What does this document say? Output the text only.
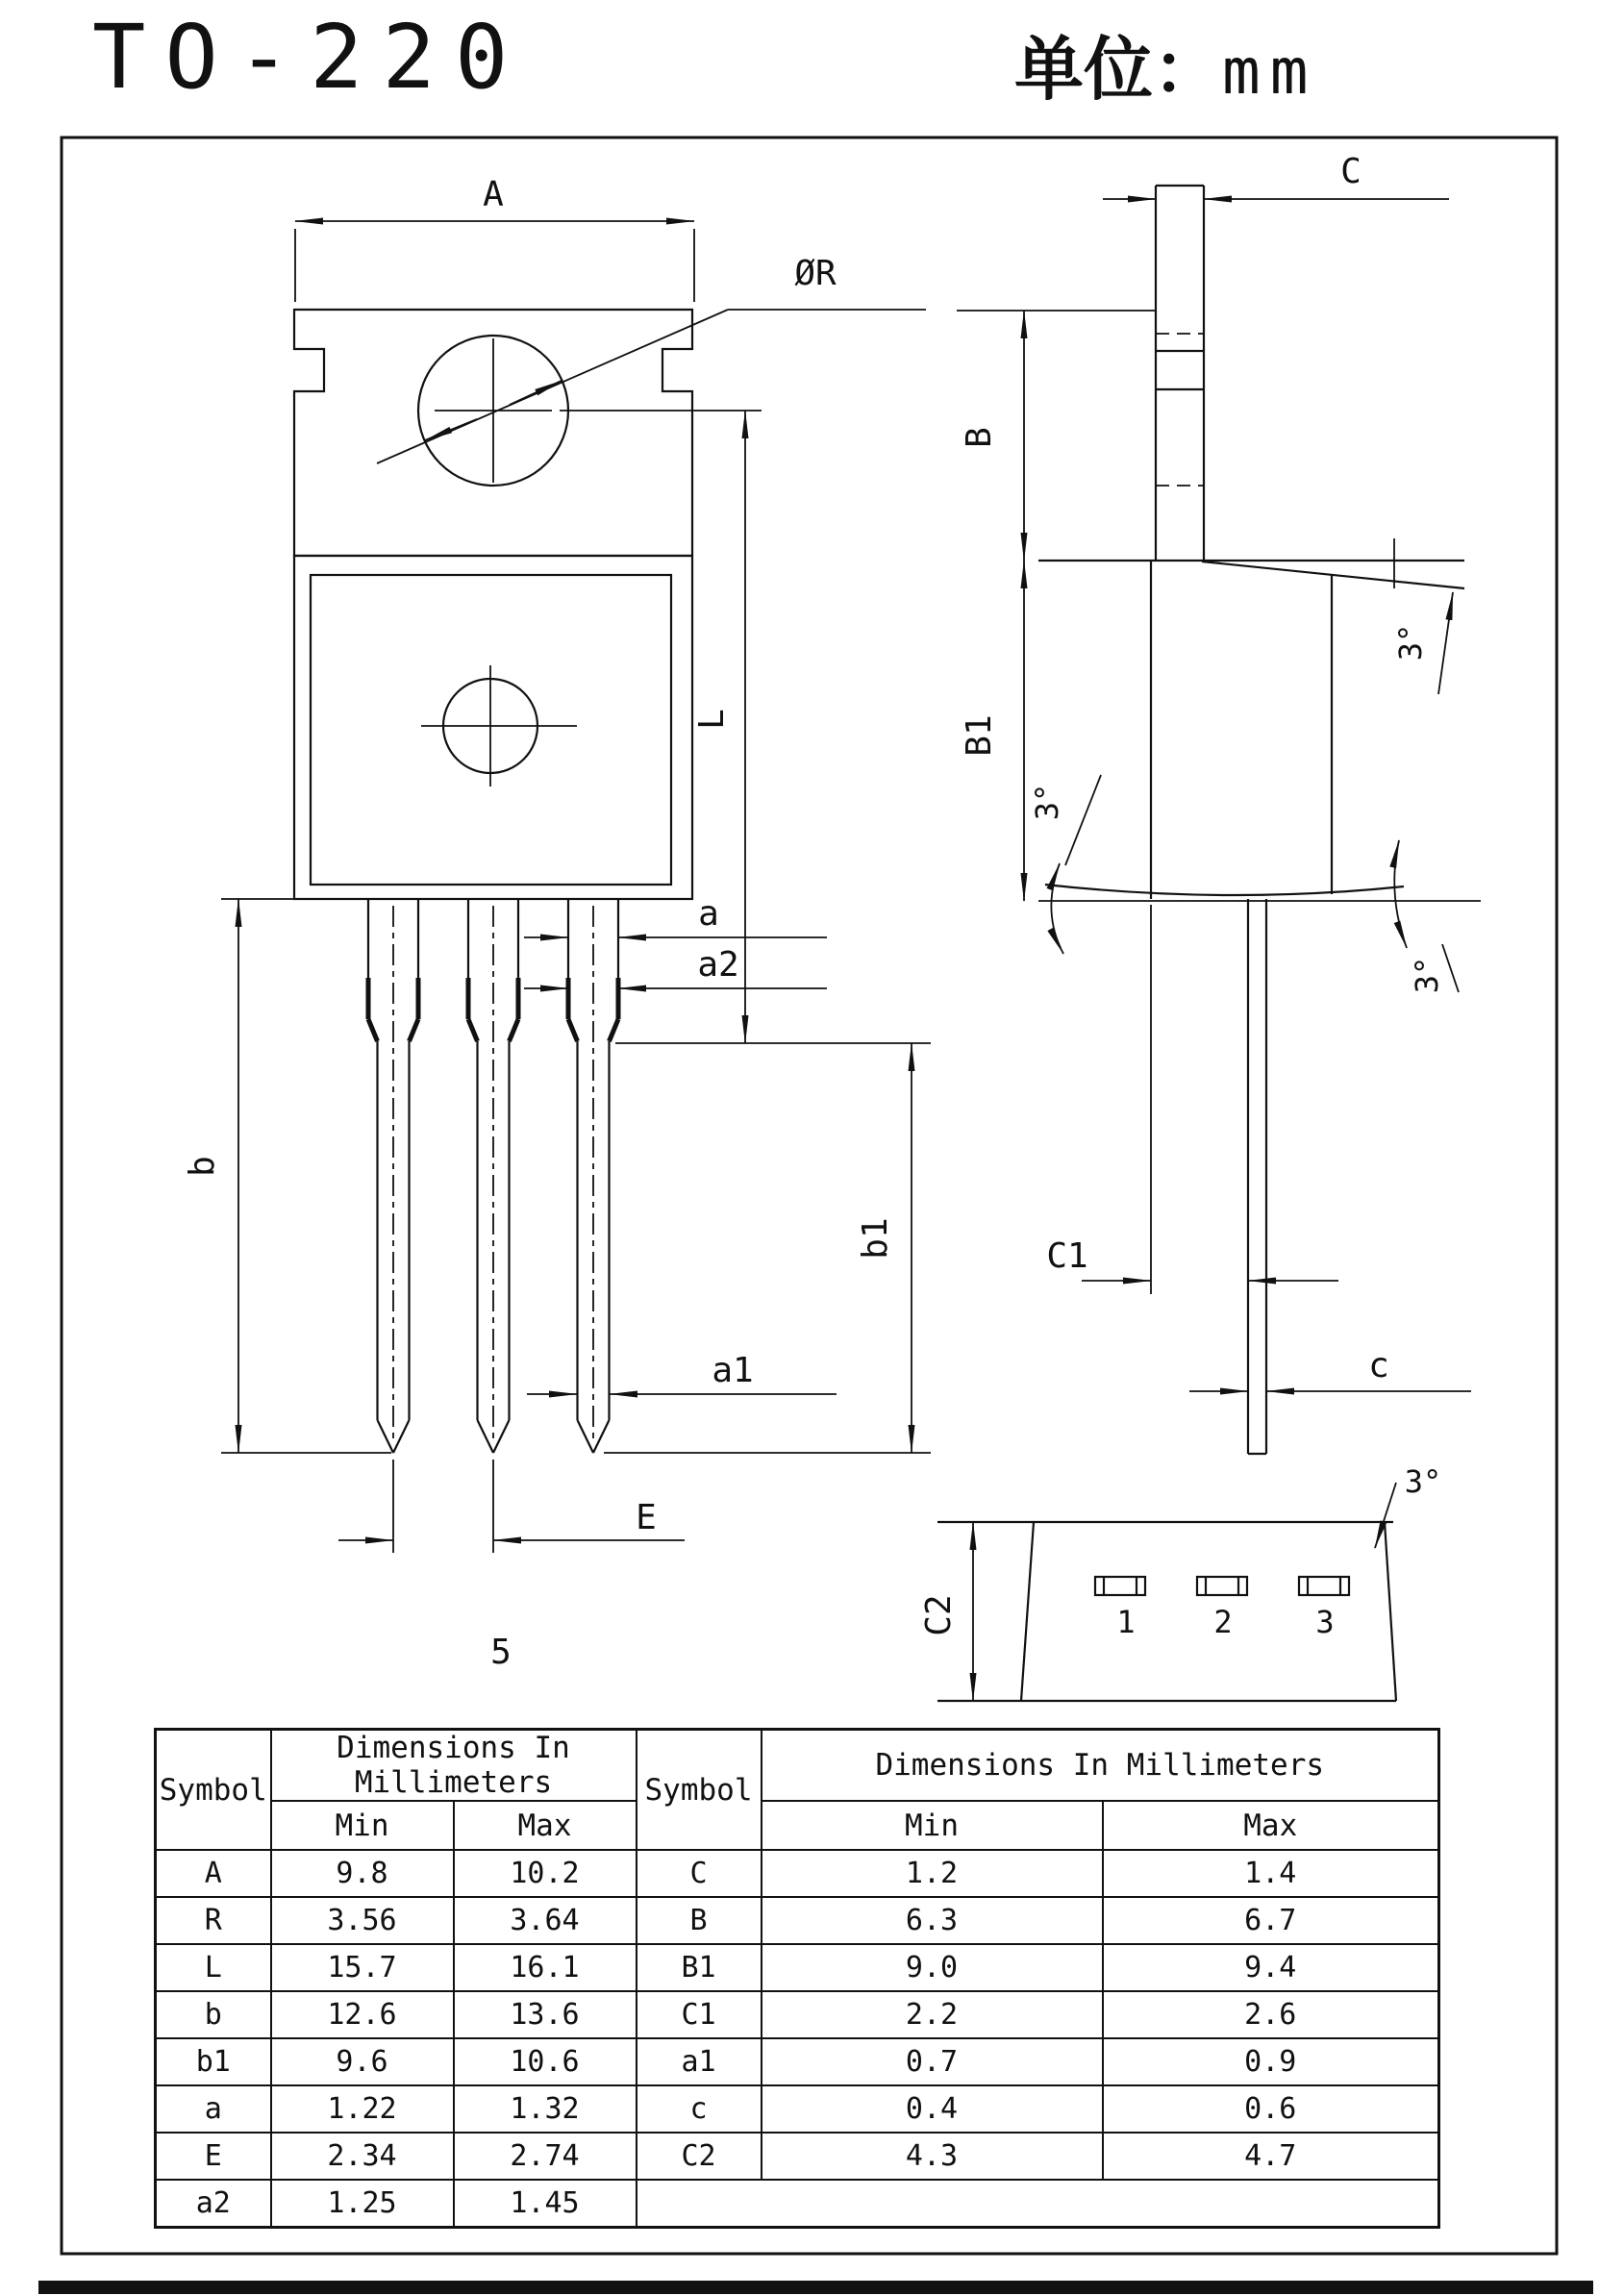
A
ØR
L
b
b1
a
a2
a1
E
5
C
B
3°
B1
3°
3°
C1
c
C2	1	2	3
3°
TO-220	单位： mm
Symbol	Dimensions In Millimeters		Symbol	Dimensions In Millimeters	
	Min	Max		Min	Max
A	9.8	10.2	C	1.2	1.4
R	3.56	3.64	B	6.3	6.7
L	15.7	16.1	B1	9.0	9.4
b	12.6	13.6	C1	2.2	2.6
b1	9.6	10.6	a1	0.7	0.9
a	1.22	1.32	c	0.4	0.6
E	2.34	2.74	C2	4.3	4.7
a2	1.25	1.45			
